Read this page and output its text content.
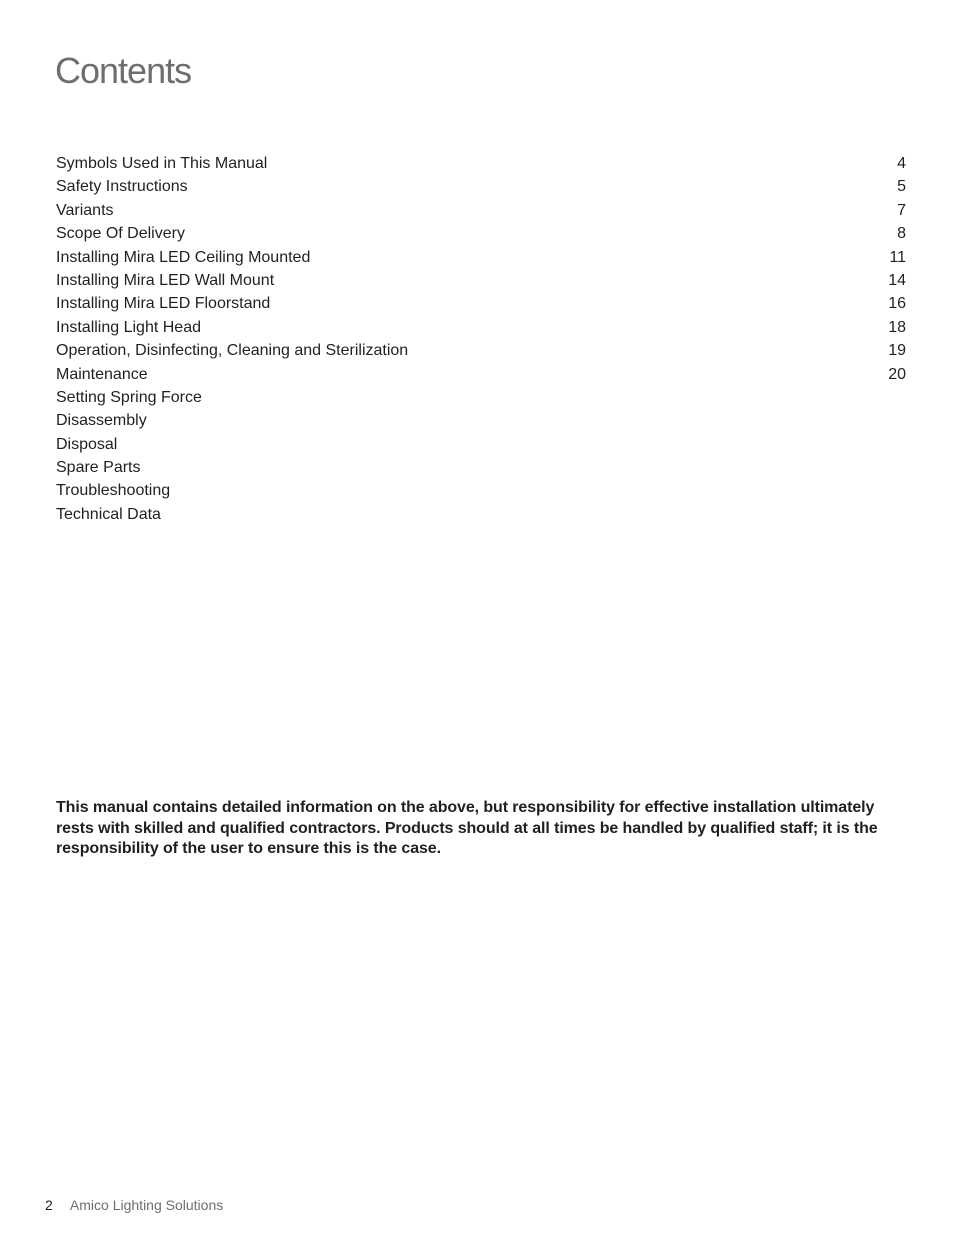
Contents
Symbols Used in This Manual	4
Safety Instructions	5
Variants	7
Scope Of Delivery	8
Installing Mira LED Ceiling Mounted	11
Installing Mira LED Wall Mount	14
Installing Mira LED Floorstand	16
Installing Light Head	18
Operation, Disinfecting, Cleaning and Sterilization	19
Maintenance	20
Setting Spring Force
Disassembly
Disposal
Spare Parts
Troubleshooting
Technical Data

This manual contains detailed information on the above, but responsibility for effective installation ultimately rests with skilled and qualified contractors. Products should at all times be handled by qualified staff; it is the responsibility of the user to ensure this is the case.

2 Amico Lighting Solutions
